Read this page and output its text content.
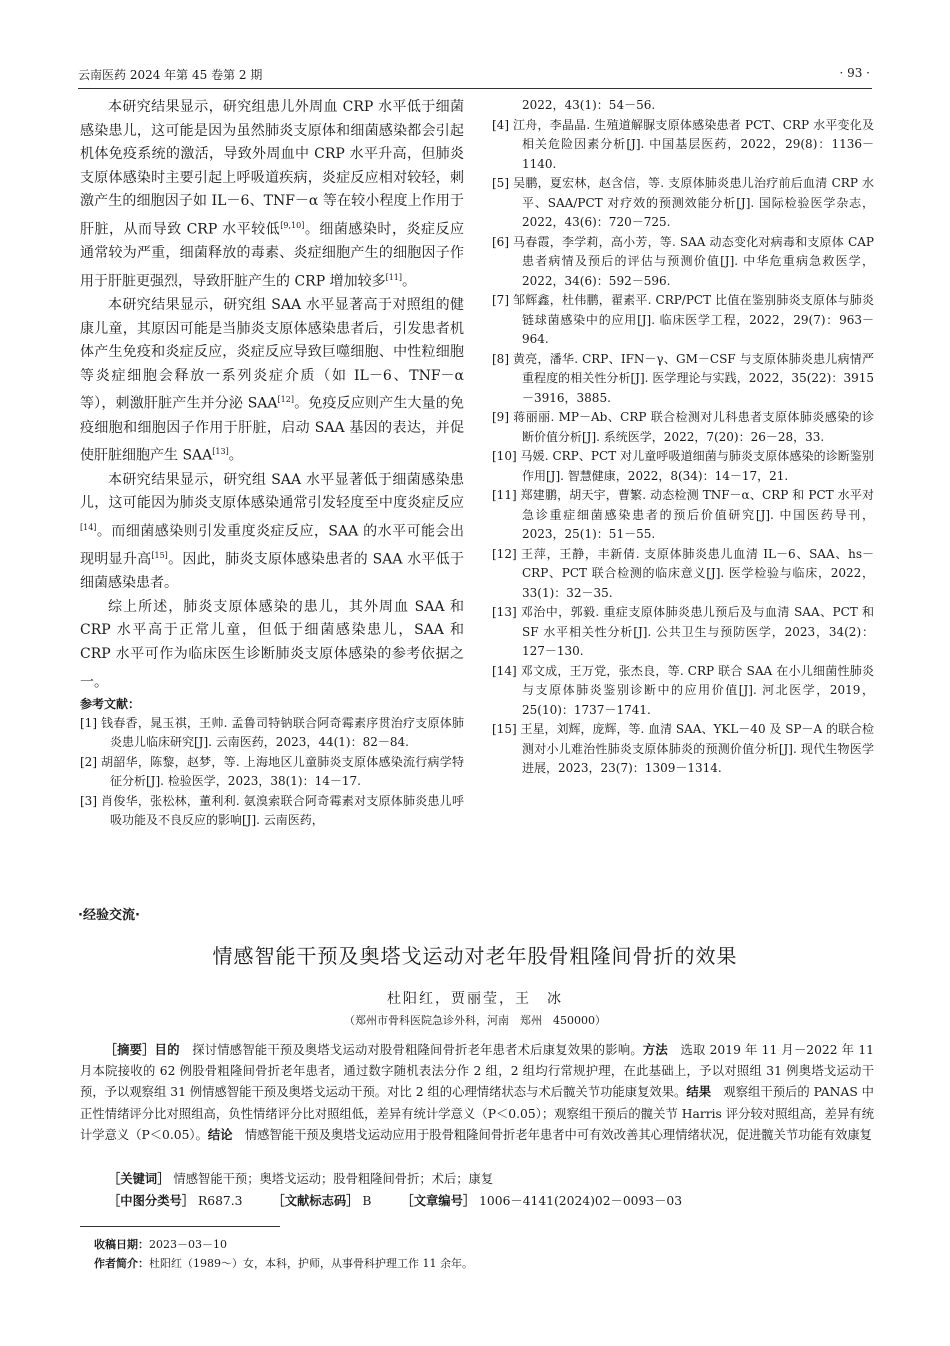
云南医药 2024 年第 45 卷第 2 期	· 93 ·

本研究结果显示，研究组患儿外周血 CRP 水平低于细菌感染患儿，这可能是因为虽然肺炎支原体和细菌感染都会引起机体免疫系统的激活，导致外周血中 CRP 水平升高，但肺炎支原体感染时主要引起上呼吸道疾病，炎症反应相对较轻，刺激产生的细胞因子如 IL－6、TNF－α 等在较小程度上作用于肝脏，从而导致 CRP 水平较低[9,10]。细菌感染时，炎症反应通常较为严重，细菌释放的毒素、炎症细胞产生的细胞因子作用于肝脏更强烈，导致肝脏产生的 CRP 增加较多[11]。

本研究结果显示，研究组 SAA 水平显著高于对照组的健康儿童，其原因可能是当肺炎支原体感染患者后，引发患者机体产生免疫和炎症反应，炎症反应导致巨噬细胞、中性粒细胞等炎症细胞会释放一系列炎症介质（如 IL－6、TNF－α 等），刺激肝脏产生并分泌 SAA[12]。免疫反应则产生大量的免疫细胞和细胞因子作用于肝脏，启动 SAA 基因的表达，并促使肝脏细胞产生 SAA[13]。

本研究结果显示，研究组 SAA 水平显著低于细菌感染患儿，这可能因为肺炎支原体感染通常引发轻度至中度炎症反应[14]。而细菌感染则引发重度炎症反应，SAA 的水平可能会出现明显升高[15]。因此，肺炎支原体感染患者的 SAA 水平低于细菌感染患者。

综上所述，肺炎支原体感染的患儿，其外周血 SAA 和 CRP 水平高于正常儿童，但低于细菌感染患儿，SAA 和 CRP 水平可作为临床医生诊断肺炎支原体感染的参考依据之一。

参考文献：

[1] 钱春香，晁玉祺，王帅. 孟鲁司特钠联合阿奇霉素序贯治疗支原体肺炎患儿临床研究[J]. 云南医药，2023，44(1)：82－84.

[2] 胡韶华，陈黎，赵梦，等. 上海地区儿童肺炎支原体感染流行病学特征分析[J]. 检验医学，2023，38(1)：14－17.

[3] 肖俊华，张松林，董利利. 氨溴索联合阿奇霉素对支原体肺炎患儿呼吸功能及不良反应的影响[J]. 云南医药，

2022，43(1)：54－56.

[4] 江舟，李晶晶. 生殖道解脲支原体感染患者 PCT、CRP 水平变化及相关危险因素分析[J]. 中国基层医药，2022，29(8)：1136－1140.

[5] 吴鹏，夏宏林，赵含信，等. 支原体肺炎患儿治疗前后血清 CRP 水平、SAA/PCT 对疗效的预测效能分析[J]. 国际检验医学杂志，2022，43(6)：720－725.

[6] 马春霞，李学莉，高小芳，等. SAA 动态变化对病毒和支原体 CAP 患者病情及预后的评估与预测价值[J]. 中华危重病急救医学，2022，34(6)：592－596.

[7] 邹辉鑫，杜伟鹏，翟素平. CRP/PCT 比值在鉴别肺炎支原体与肺炎链球菌感染中的应用[J]. 临床医学工程，2022，29(7)：963－964.

[8] 黄亮，潘华. CRP、IFN－γ、GM－CSF 与支原体肺炎患儿病情严重程度的相关性分析[J]. 医学理论与实践，2022，35(22)：3915－3916，3885.

[9] 蒋丽丽. MP－Ab、CRP 联合检测对儿科患者支原体肺炎感染的诊断价值分析[J]. 系统医学，2022，7(20)：26－28，33.

[10] 马媛. CRP、PCT 对儿童呼吸道细菌与肺炎支原体感染的诊断鉴别作用[J]. 智慧健康，2022，8(34)：14－17，21.

[11] 郑建鹏，胡天宇，曹繁. 动态检测 TNF－α、CRP 和 PCT 水平对急诊重症细菌感染患者的预后价值研究[J]. 中国医药导刊，2023，25(1)：51－55.

[12] 王萍，王静，丰新倩. 支原体肺炎患儿血清 IL－6、SAA、hs－CRP、PCT 联合检测的临床意义[J]. 医学检验与临床，2022，33(1)：32－35.

[13] 邓治中，郭毅. 重症支原体肺炎患儿预后及与血清 SAA、PCT 和 SF 水平相关性分析[J]. 公共卫生与预防医学，2023，34(2)：127－130.

[14] 邓文成，王万党，张杰良，等. CRP 联合 SAA 在小儿细菌性肺炎与支原体肺炎鉴别诊断中的应用价值[J]. 河北医学，2019，25(10)：1737－1741.

[15] 王星，刘辉，庞辉，等. 血清 SAA、YKL－40 及 SP－A 的联合检测对小儿难治性肺炎支原体肺炎的预测价值分析[J]. 现代生物医学进展，2023，23(7)：1309－1314.

·经验交流·
情感智能干预及奥塔戈运动对老年股骨粗隆间骨折的效果
杜阳红，贾丽莹，王　冰
（郑州市骨科医院急诊外科，河南　郑州　450000）

［摘要］目的　 探讨情感智能干预及奥塔戈运动对股骨粗隆间骨折老年患者术后康复效果的影响。方法　 选取 2019 年 11 月－2022 年 11 月本院接收的 62 例股骨粗隆间骨折老年患者，通过数字随机表法分作 2 组，2 组均行常规护理，在此基础上，予以对照组 31 例奥塔戈运动干预，予以观察组 31 例情感智能干预及奥塔戈运动干预。对比 2 组的心理情绪状态与术后髋关节功能康复效果。结果　 观察组干预后的 PANAS 中正性情绪评分比对照组高，负性情绪评分比对照组低，差异有统计学意义（P＜0.05）；观察组干预后的髋关节 Harris 评分较对照组高，差异有统计学意义（P＜0.05）。结论　 情感智能干预及奥塔戈运动应用于股骨粗隆间骨折老年患者中可有效改善其心理情绪状况，促进髋关节功能有效康复

［关键词］ 情感智能干预；奥塔戈运动；股骨粗隆间骨折；术后；康复
［中图分类号］ R687.3 ［文献标志码］ B ［文章编号］ 1006－4141(2024)02－0093－03
收稿日期：2023－03－10
作者简介：杜阳红（1989～）女，本科，护师，从事骨科护理工作 11 余年。
